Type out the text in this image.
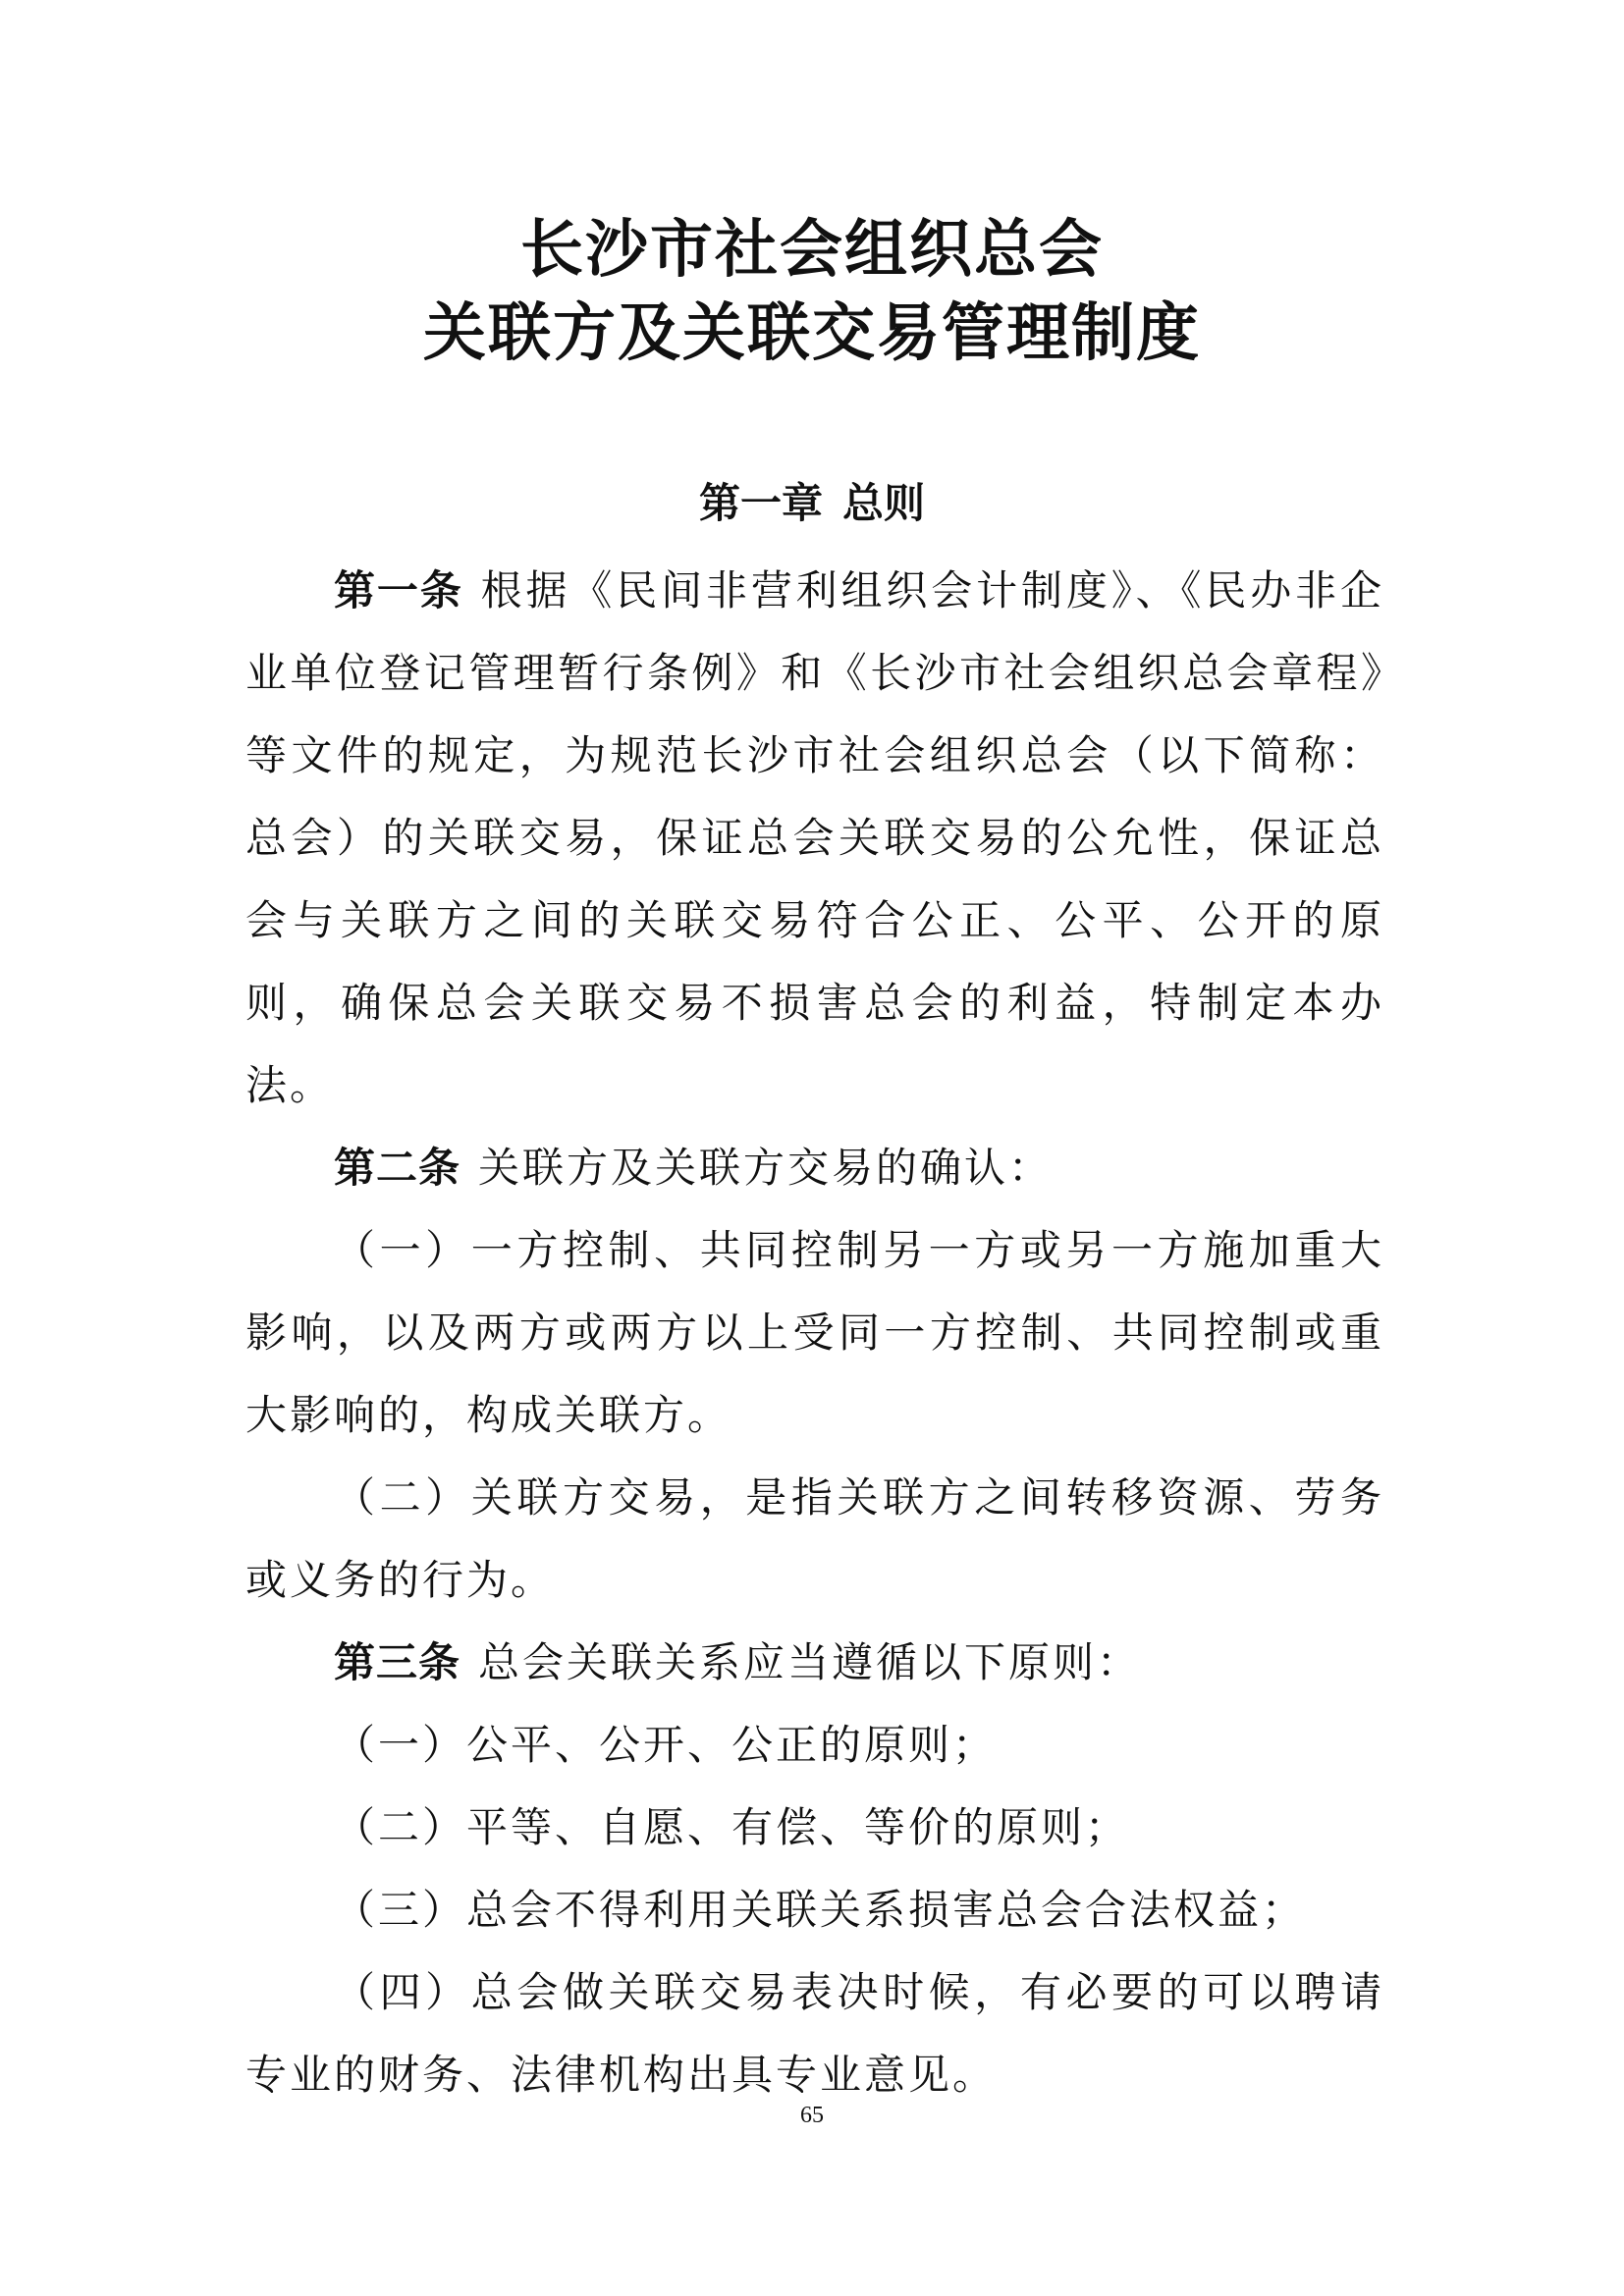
长沙市社会组织总会
关联方及关联交易管理制度
第一章 总则

第一条 根据《民间非营利组织会计制度》、《民办非企业单位登记管理暂行条例》和《长沙市社会组织总会章程》等文件的规定，为规范长沙市社会组织总会（以下简称：总会）的关联交易，保证总会关联交易的公允性，保证总会与关联方之间的关联交易符合公正、公平、公开的原则，确保总会关联交易不损害总会的利益，特制定本办法。

第二条 关联方及关联方交易的确认：

（一）一方控制、共同控制另一方或另一方施加重大影响，以及两方或两方以上受同一方控制、共同控制或重大影响的，构成关联方。

（二）关联方交易，是指关联方之间转移资源、劳务或义务的行为。

第三条 总会关联关系应当遵循以下原则：

（一）公平、公开、公正的原则；

（二）平等、自愿、有偿、等价的原则；

（三）总会不得利用关联关系损害总会合法权益；

（四）总会做关联交易表决时候，有必要的可以聘请专业的财务、法律机构出具专业意见。

65
